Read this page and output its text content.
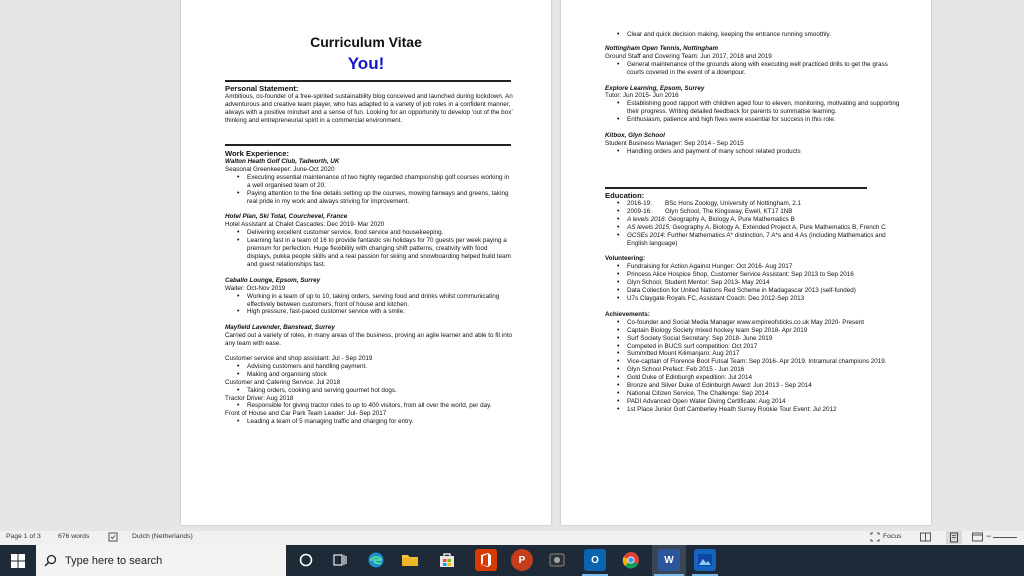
Curriculum Vitae
You!
Personal Statement:
Ambitious, co-founder of a free-spirited sustainability blog conceived and launched during lockdown. An adventurous and creative team player, who has adapted to a variety of job roles in a confident manner, always with a positive mindset and a sense of fun. Looking for an opportunity to develop ‘out of the box’ thinking and entrepreneurial spirit in a commercial environment.
Work Experience:
Walton Heath Golf Club, Tadworth, UK
Seasonal Greenkeeper: June-Oct 2020
• Executing essential maintenance of two highly regarded championship golf courses working in a well organised team of 20.
• Paying attention to the fine details setting up the courses, mowing fairways and greens, taking real pride in my work and always striving for improvement.
Hotel Plan, Ski Total, Courchevel, France
Hotel Assistant at Chalet Cascades: Dec 2019- Mar 2020
• Delivering excellent customer service, food service and housekeeping.
• Learning fast in a team of 16 to provide fantastic ski holidays for 70 guests per week paying a premium for perfection. Huge flexibility with changing shift patterns, creativity with food displays, pukka people skills and a real passion for skiing and snowboarding helped build team and guest relationships fast.
Caballo Lounge, Epsom, Surrey
Waiter: Oct-Nov 2019
• Working in a team of up to 10, taking orders, serving food and drinks whilst communicating effectively between customers, front of house and kitchen.
• High pressure, fast-paced customer service with a smile.
Mayfield Lavender, Banstead, Surrey
Carried out a variety of roles, in many areas of the business, proving an agile learner and able to fit into any team with ease.
Customer service and shop assistant: Jul - Sep 2019
• Advising customers and handling payment.
• Making and organising stock
Customer and Catering Service: Jul 2018
• Taking orders, cooking and serving gourmet hot dogs.
Tractor Driver: Aug 2018
• Responsible for giving tractor rides to up to 400 visitors, from all over the world, per day.
Front of House and Car Park Team Leader: Jul- Sep 2017
• Leading a team of 5 managing traffic and charging for entry.
• Clear and quick decision making, keeping the entrance running smoothly.
Nottingham Open Tennis, Nottingham
Ground Staff and Covering Team: Jun 2017, 2018 and 2019
• General maintenance of the grounds along with executing well practiced drills to get the grass courts covered in the event of a downpour.
Explore Learning, Epsom, Surrey
Tutor: Jun 2015- Jun 2016
• Establishing good rapport with children aged four to eleven, monitoring, motivating and supporting their progress. Writing detailed feedback for parents to summatise learning.
• Enthusiasm, patience and high fives were essential for success in this role.
Kitbox, Glyn School
Student Business Manager: Sep 2014 - Sep 2015
• Handling orders and payment of many school related products
Education:
• 2016-19:	BSc Hons Zoology, University of Nottingham, 2.1
• 2009-16:	Glyn School, The Kingsway, Ewell, KT17 1NB
• A levels 2016: Geography A, Biology A, Pure Mathematics B
• AS levels 2015: Geography A, Biology A, Extended Project A, Pure Mathematics B, French C
• GCSEs 2014: Further Mathematics A* distinction, 7 A*s and 4 As (including Mathematics and English language)
Volunteering:
• Fundraising for Action Against Hunger: Oct 2016- Aug 2017
• Princess Alice Hospice Shop, Customer Service Assistant: Sep 2013 to Sep 2016
• Glyn School, Student Mentor: Sep 2013- May 2014
• Data Collection for United Nations Red Scheme in Madagascar 2013 (self-funded)
• U7s Claygate Royals FC, Assistant Coach: Dec 2012-Sep 2013
Achievements:
• Co-founder and Social Media Manager www.empireofsticks.co.uk May 2020- Present
• Captain Biology Society mixed hockey team Sep 2018- Apr 2019
• Surf Society Social Secretary: Sep 2018- June 2019
• Competed in BUCS surf competition: Oct 2017
• Summitted Mount Kilimanjaro: Aug 2017
• Vice-captain of Florence Boot Futsal Team: Sep 2016- Apr 2019. Intramural champions 2019.
• Glyn School Prefect: Feb 2015 - Jun 2016
• Gold Duke of Edinburgh expedition: Jul 2014
• Bronze and Silver Duke of Edinburgh Award: Jun 2013 - Sep 2014
• National Citizen Service, The Challenge: Sep 2014
• PADI Advanced Open Water Diving Certificate: Aug 2014
• 1st Place Junior Golf Camberley Heath Surrey Rookie Tour Event: Jul 2012
Page 1 of 3	676 words	Dutch (Netherlands)	Focus	−
Type here to search	P	O	W
